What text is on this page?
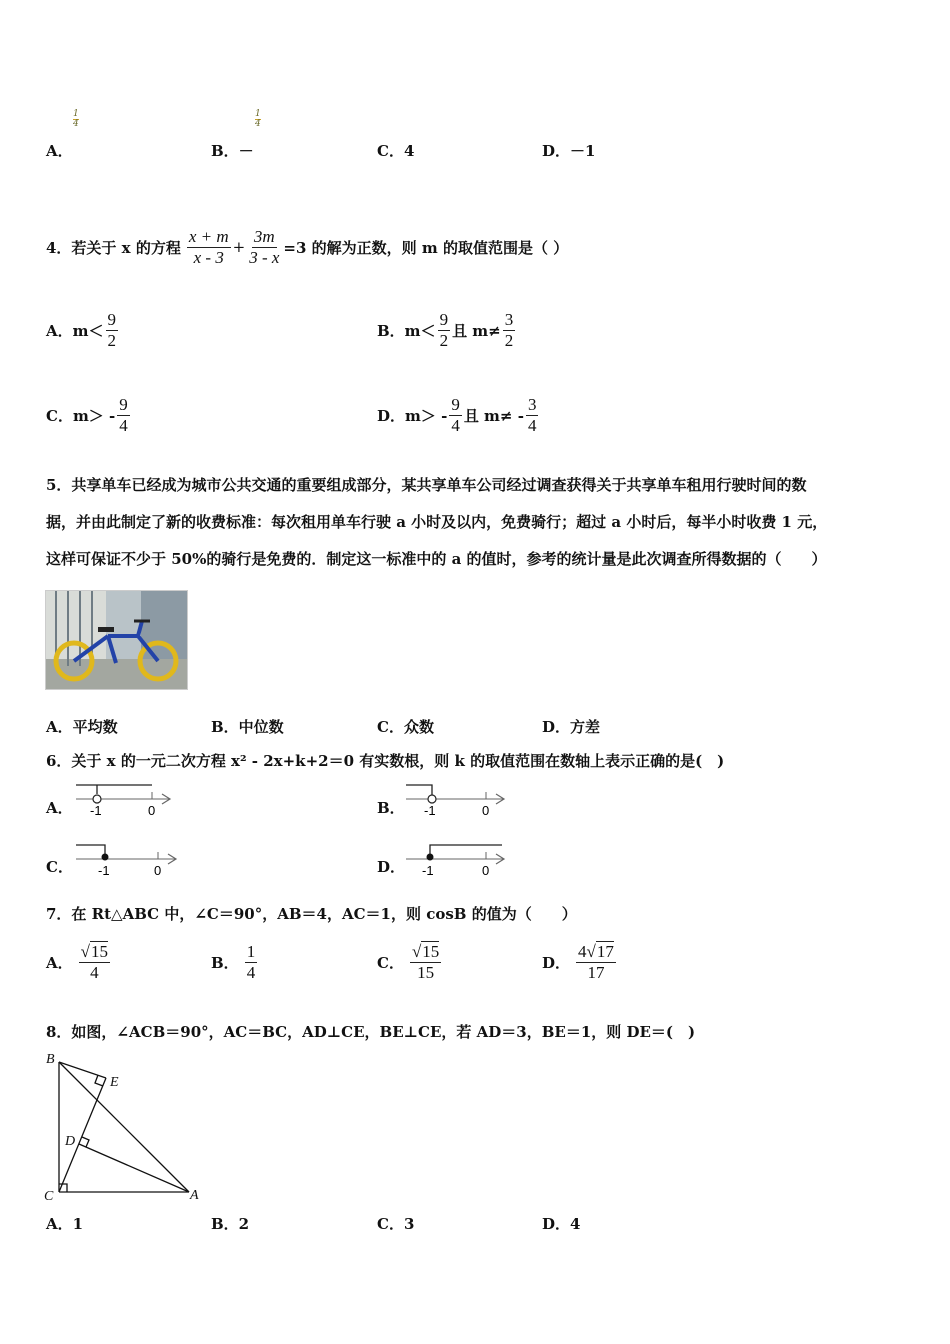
A．
1
4
B．－
1
4
C．4	D．－1
4．若关于 x 的方程 $\frac{x + m}{x - 3} + \frac{3m}{3 - x} =3$ 的解为正数，则 m 的取值范围是（ ）
A．$m< \frac{9}{2}$	B．$m< \frac{9}{2}$ 且 $m\ne \frac{3}{2}$
C．$m> - \frac{9}{4}$	D．$m> - \frac{9}{4}$ 且 $m\ne - \frac{3}{4}$
5．共享单车已经成为城市公共交通的重要组成部分，某共享单车公司经过调查获得关于共享单车租用行驶时间的数
据，并由此制定了新的收费标准：每次租用单车行驶 a 小时及以内，免费骑行；超过 a 小时后，每半小时收费 1 元，
这样可保证不少于 50%的骑行是免费的．制定这一标准中的 a 的值时，参考的统计量是此次调查所得数据的（　　）
A．平均数	B．中位数	C．众数	D．方差
6．关于 x 的一元二次方程 x² - 2x+k+2＝0 有实数根，则 k 的取值范围在数轴上表示正确的是(　)
A． -1	0	B． -1	0
C． -1	0	D． -1	0
7．在 Rt△ABC 中，∠C＝90°，AB＝4，AC＝1，则 cosB 的值为（　　）
A． $\frac{√15}{4}$	B． $\frac{1}{4}$	C． $\frac{√15}{15}$	D． $\frac{4√17}{17}$
8．如图，∠ACB＝90°，AC＝BC，AD⊥CE，BE⊥CE，若 AD＝3，BE＝1，则 DE＝(　)
B
E
D
C	A
A．1	B．2	C．3	D．4
